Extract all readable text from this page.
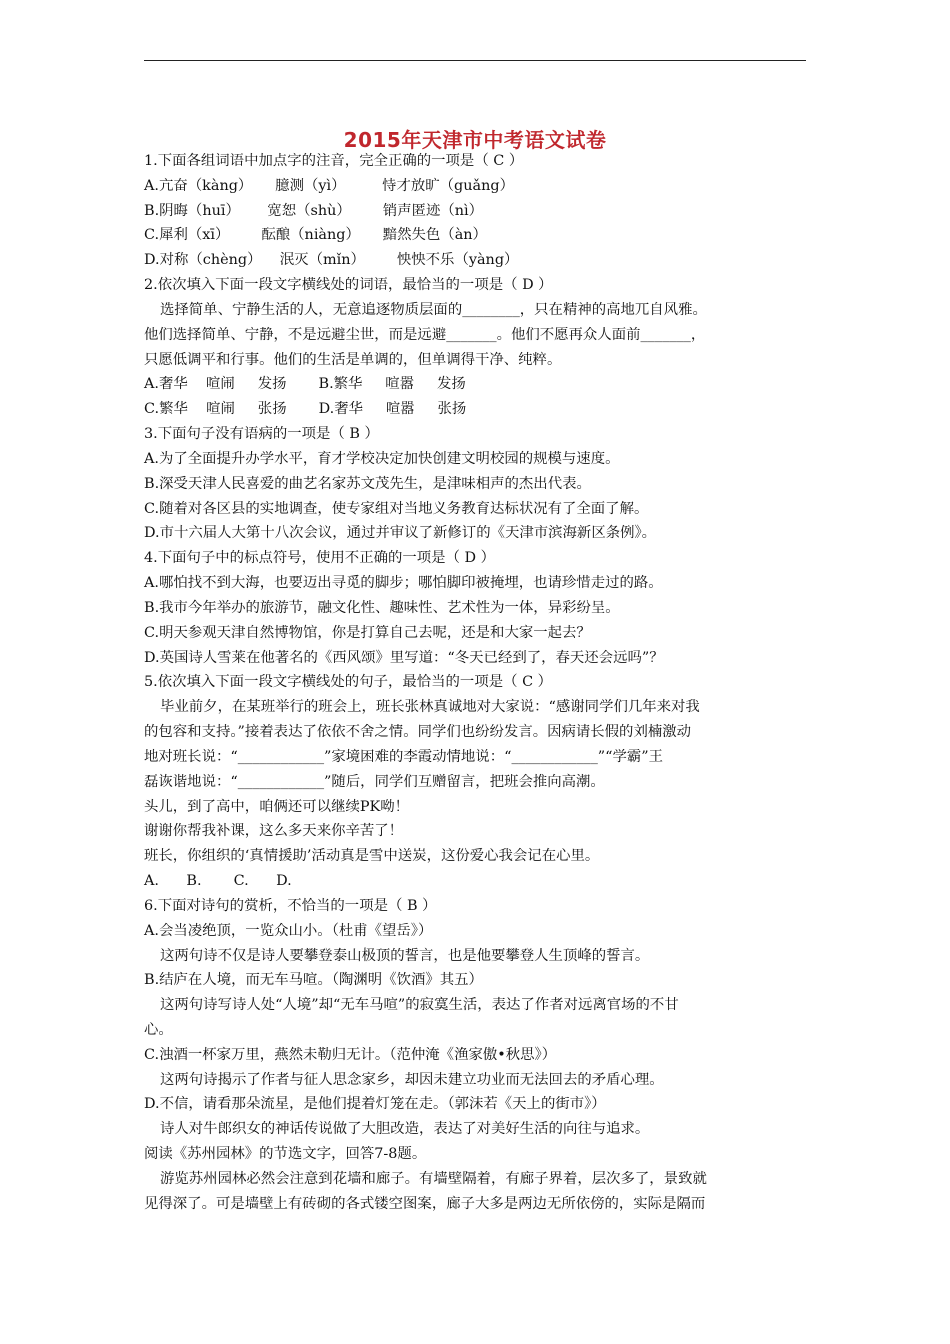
2015年天津市中考语文试卷
1.下面各组词语中加点字的注音，完全正确的一项是（ C ）
A.亢奋（kàng）     臆测（yì）        恃才放旷（guǎng）
B.阴晦（huī）      宽恕（shù）       销声匿迹（nì）
C.犀利（xī）       酝酿（niàng）     黯然失色（àn）
D.对称（chèng）    泯灭（mǐn）       怏怏不乐（yàng）
2.依次填入下面一段文字横线处的词语，最恰当的一项是（ D ）
选择简单、宁静生活的人，无意追逐物质层面的________，只在精神的高地兀自风雅。
他们选择简单、宁静，不是远避尘世，而是远避_______。他们不愿再众人面前_______，
只愿低调平和行事。他们的生活是单调的，但单调得干净、纯粹。
A.奢华    喧闹     发扬       B.繁华     喧嚣     发扬
C.繁华    喧闹     张扬       D.奢华     喧嚣     张扬
3.下面句子没有语病的一项是（ B ）
A.为了全面提升办学水平，育才学校决定加快创建文明校园的规模与速度。
B.深受天津人民喜爱的曲艺名家苏文茂先生，是津味相声的杰出代表。
C.随着对各区县的实地调查，使专家组对当地义务教育达标状况有了全面了解。
D.市十六届人大第十八次会议，通过并审议了新修订的《天津市滨海新区条例》。
4.下面句子中的标点符号，使用不正确的一项是（ D ）
A.哪怕找不到大海，也要迈出寻觅的脚步；哪怕脚印被掩埋，也请珍惜走过的路。
B.我市今年举办的旅游节，融文化性、趣味性、艺术性为一体，异彩纷呈。
C.明天参观天津自然博物馆，你是打算自己去呢，还是和大家一起去？
D.英国诗人雪莱在他著名的《西风颂》里写道：“冬天已经到了，春天还会远吗”？
5.依次填入下面一段文字横线处的句子，最恰当的一项是（ C ）
毕业前夕，在某班举行的班会上，班长张林真诚地对大家说：“感谢同学们几年来对我
的包容和支持。”接着表达了依依不舍之情。同学们也纷纷发言。因病请长假的刘楠激动
地对班长说：“____________”家境困难的李霞动情地说：“____________”“学霸”王
磊诙谐地说：“____________”随后，同学们互赠留言，把班会推向高潮。
头儿，到了高中，咱俩还可以继续PK呦！
谢谢你帮我补课，这么多天来你辛苦了！
班长，你组织的‘真情援助’活动真是雪中送炭，这份爱心我会记在心里。
A.      B.       C.      D.
6.下面对诗句的赏析，不恰当的一项是（ B ）
A.会当凌绝顶，一览众山小。（杜甫《望岳》）
这两句诗不仅是诗人要攀登泰山极顶的誓言，也是他要攀登人生顶峰的誓言。
B.结庐在人境，而无车马喧。（陶渊明《饮酒》其五）
这两句诗写诗人处“人境”却“无车马喧”的寂寞生活，表达了作者对远离官场的不甘
心。
C.浊酒一杯家万里，燕然未勒归无计。（范仲淹《渔家傲•秋思》）
这两句诗揭示了作者与征人思念家乡，却因未建立功业而无法回去的矛盾心理。
D.不信，请看那朵流星，是他们提着灯笼在走。（郭沫若《天上的街市》）
诗人对牛郎织女的神话传说做了大胆改造，表达了对美好生活的向往与追求。
阅读《苏州园林》的节选文字，回答7-8题。
游览苏州园林必然会注意到花墙和廊子。有墙壁隔着，有廊子界着，层次多了，景致就
见得深了。可是墙壁上有砖砌的各式镂空图案，廊子大多是两边无所依傍的，实际是隔而
